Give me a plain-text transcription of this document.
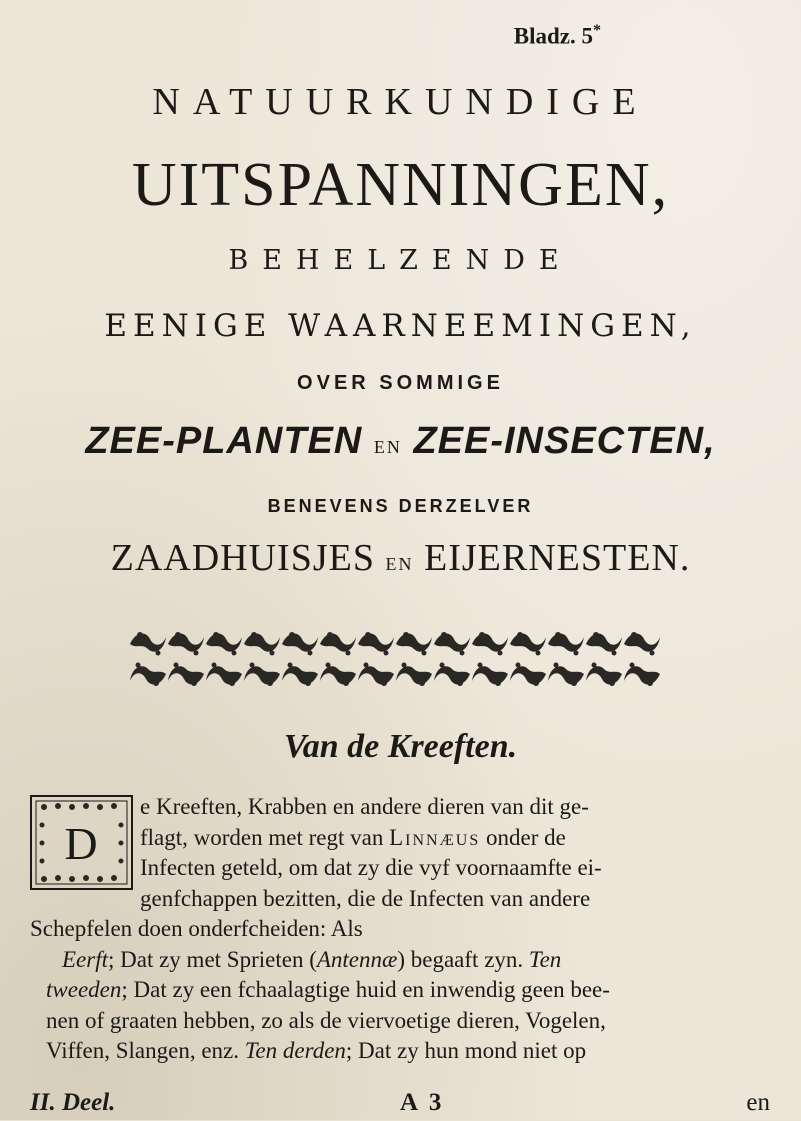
Bladz. 5*
NATUURKUNDIGE
UITSPANNINGEN,
BEHELZENDE
EENIGE WAARNEEMINGEN,
OVER SOMMIGE
ZEE-PLANTEN EN ZEE-INSECTEN,
BENEVENS DERZELVER
ZAADHUISJES EN EIJERNESTEN.
Van de Kreeften.
D
e Kreeften, Krabben en andere dieren van dit ge-
flagt, worden met regt van Linnæus onder de
Infecten geteld, om dat zy die vyf voornaamfte ei-
genfchappen bezitten, die de Infecten van andere
Schepfelen doen onderfcheiden: Als
Eerft; Dat zy met Sprieten (Antennæ) begaaft zyn. Ten
tweeden; Dat zy een fchaalagtige huid en inwendig geen bee-
nen of graaten hebben, zo als de viervoetige dieren, Vogelen,
Viffen, Slangen, enz. Ten derden; Dat zy hun mond niet op
II. Deel.	A 3	en
